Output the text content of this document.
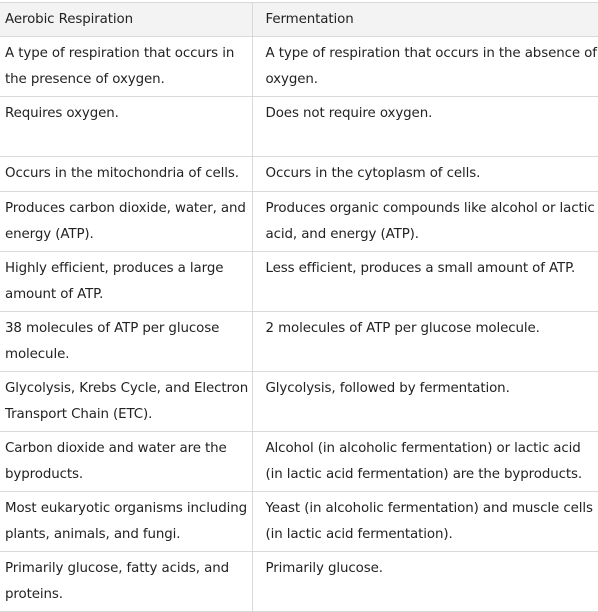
Aerobic Respiration	Fermentation
A type of respiration that occurs in the presence of oxygen.	A type of respiration that occurs in the absence of oxygen.
Requires oxygen.	Does not require oxygen.
Occurs in the mitochondria of cells.	Occurs in the cytoplasm of cells.
Produces carbon dioxide, water, and energy (ATP).	Produces organic compounds like alcohol or lactic acid, and energy (ATP).
Highly efficient, produces a large amount of ATP.	Less efficient, produces a small amount of ATP.
38 molecules of ATP per glucose molecule.	2 molecules of ATP per glucose molecule.
Glycolysis, Krebs Cycle, and Electron Transport Chain (ETC).	Glycolysis, followed by fermentation.
Carbon dioxide and water are the byproducts.	Alcohol (in alcoholic fermentation) or lactic acid (in lactic acid fermentation) are the byproducts.
Most eukaryotic organisms including plants, animals, and fungi.	Yeast (in alcoholic fermentation) and muscle cells (in lactic acid fermentation).
Primarily glucose, fatty acids, and proteins.	Primarily glucose.
